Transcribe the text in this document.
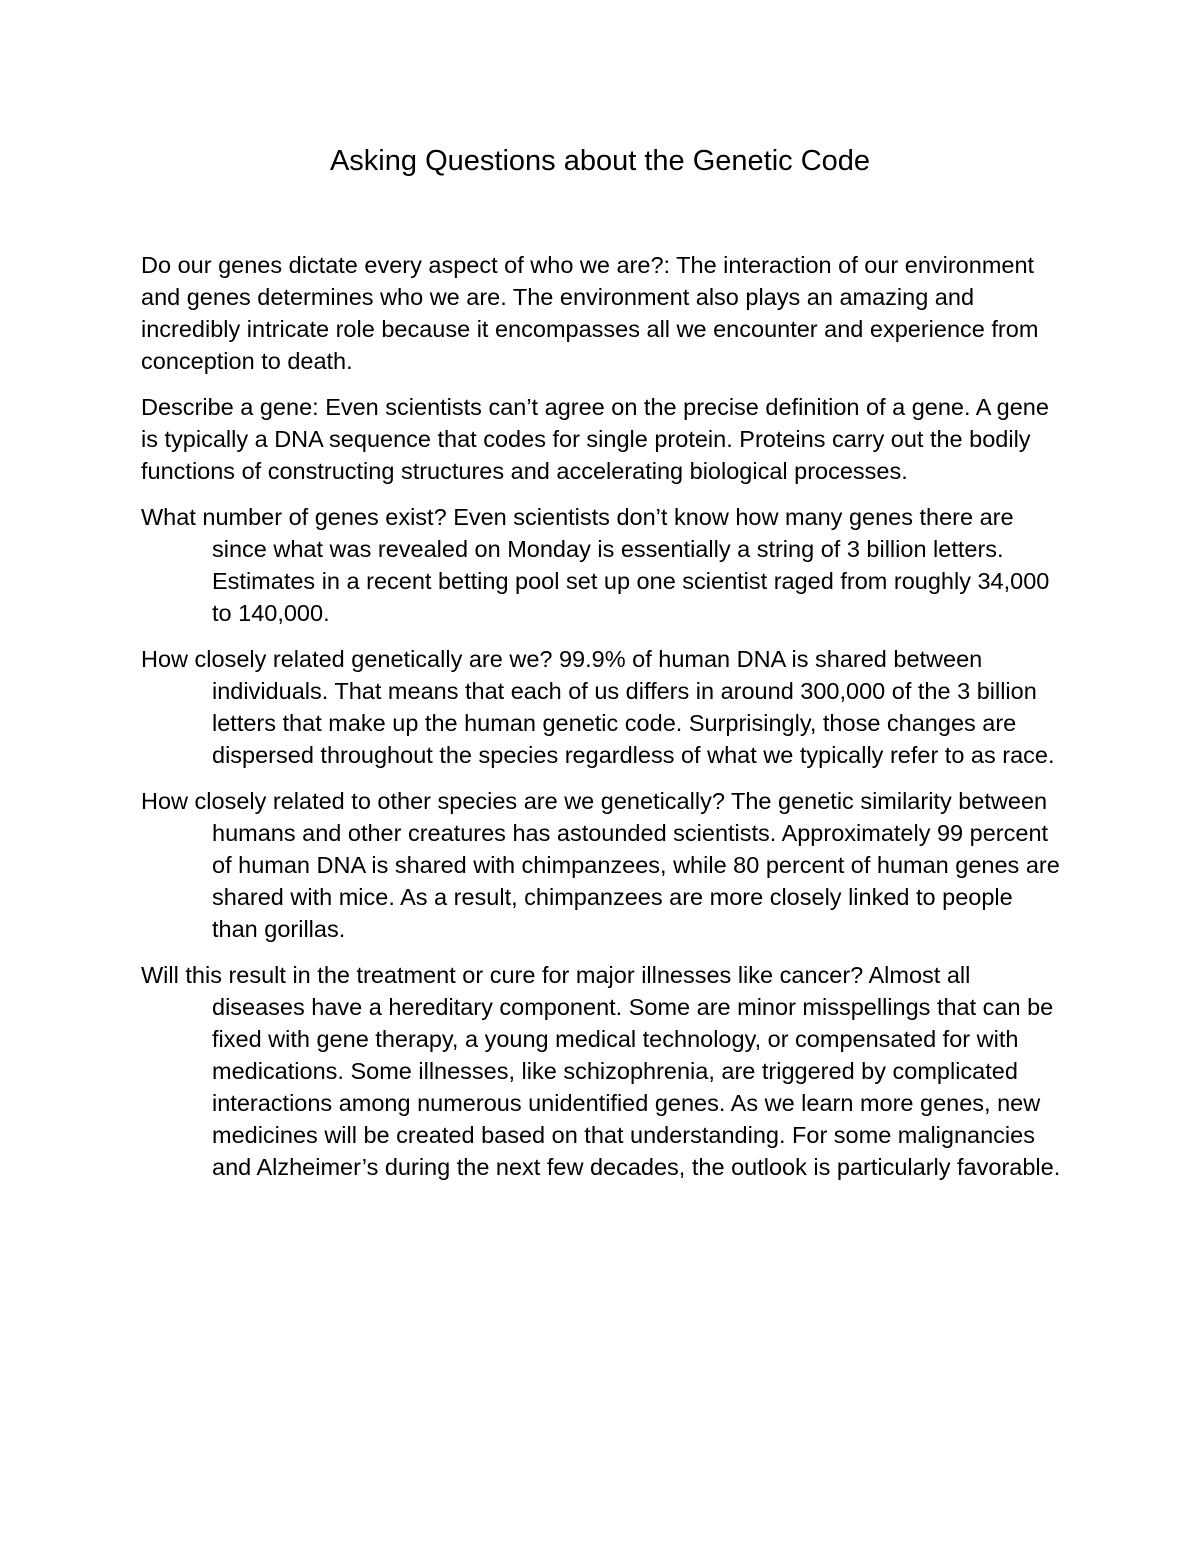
Asking Questions about the Genetic Code

Do our genes dictate every aspect of who we are?: The interaction of our environment and genes determines who we are. The environment also plays an amazing and incredibly intricate role because it encompasses all we encounter and experience from conception to death.

Describe a gene: Even scientists can’t agree on the precise definition of a gene. A gene is typically a DNA sequence that codes for single protein. Proteins carry out the bodily functions of constructing structures and accelerating biological processes.

What number of genes exist? Even scientists don’t know how many genes there are since what was revealed on Monday is essentially a string of 3 billion letters. Estimates in a recent betting pool set up one scientist raged from roughly 34,000 to 140,000.

How closely related genetically are we? 99.9% of human DNA is shared between individuals. That means that each of us differs in around 300,000 of the 3 billion letters that make up the human genetic code. Surprisingly, those changes are dispersed throughout the species regardless of what we typically refer to as race.

How closely related to other species are we genetically? The genetic similarity between humans and other creatures has astounded scientists. Approximately 99 percent of human DNA is shared with chimpanzees, while 80 percent of human genes are shared with mice. As a result, chimpanzees are more closely linked to people than gorillas.

Will this result in the treatment or cure for major illnesses like cancer? Almost all diseases have a hereditary component. Some are minor misspellings that can be fixed with gene therapy, a young medical technology, or compensated for with medications. Some illnesses, like schizophrenia, are triggered by complicated interactions among numerous unidentified genes. As we learn more genes, new medicines will be created based on that understanding. For some malignancies and Alzheimer’s during the next few decades, the outlook is particularly favorable.
